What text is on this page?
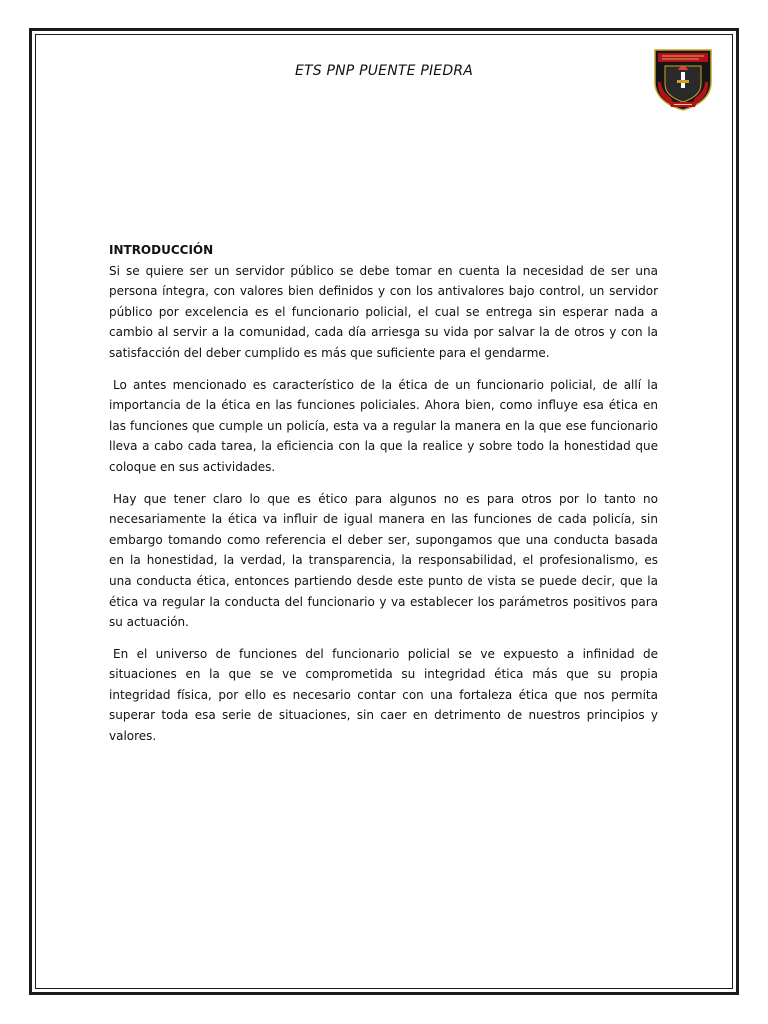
ETS PNP PUENTE PIEDRA
INTRODUCCIÓN

Si se quiere ser un servidor público se debe tomar en cuenta la necesidad de ser una persona íntegra, con valores bien definidos y con los antivalores bajo control, un servidor público por excelencia es el funcionario policial, el cual se entrega sin esperar nada a cambio al servir a la comunidad, cada día arriesga su vida por salvar la de otros y con la satisfacción del deber cumplido es más que suficiente para el gendarme.

Lo antes mencionado es característico de la ética de un funcionario policial, de allí la importancia de la ética en las funciones policiales. Ahora bien, como influye esa ética en las funciones que cumple un policía, esta va a regular la manera en la que ese funcionario lleva a cabo cada tarea, la eficiencia con la que la realice y sobre todo la honestidad que coloque en sus actividades.

Hay que tener claro lo que es ético para algunos no es para otros por lo tanto no necesariamente la ética va influir de igual manera en las funciones de cada policía, sin embargo tomando como referencia el deber ser, supongamos que una conducta basada en la honestidad, la verdad, la transparencia, la responsabilidad, el profesionalismo, es una conducta ética, entonces partiendo desde este punto de vista se puede decir, que la ética va regular la conducta del funcionario y va establecer los parámetros positivos para su actuación.

En el universo de funciones del funcionario policial se ve expuesto a infinidad de situaciones en la que se ve comprometida su integridad ética más que su propia integridad física, por ello es necesario contar con una fortaleza ética que nos permita superar toda esa serie de situaciones, sin caer en detrimento de nuestros principios y valores.
